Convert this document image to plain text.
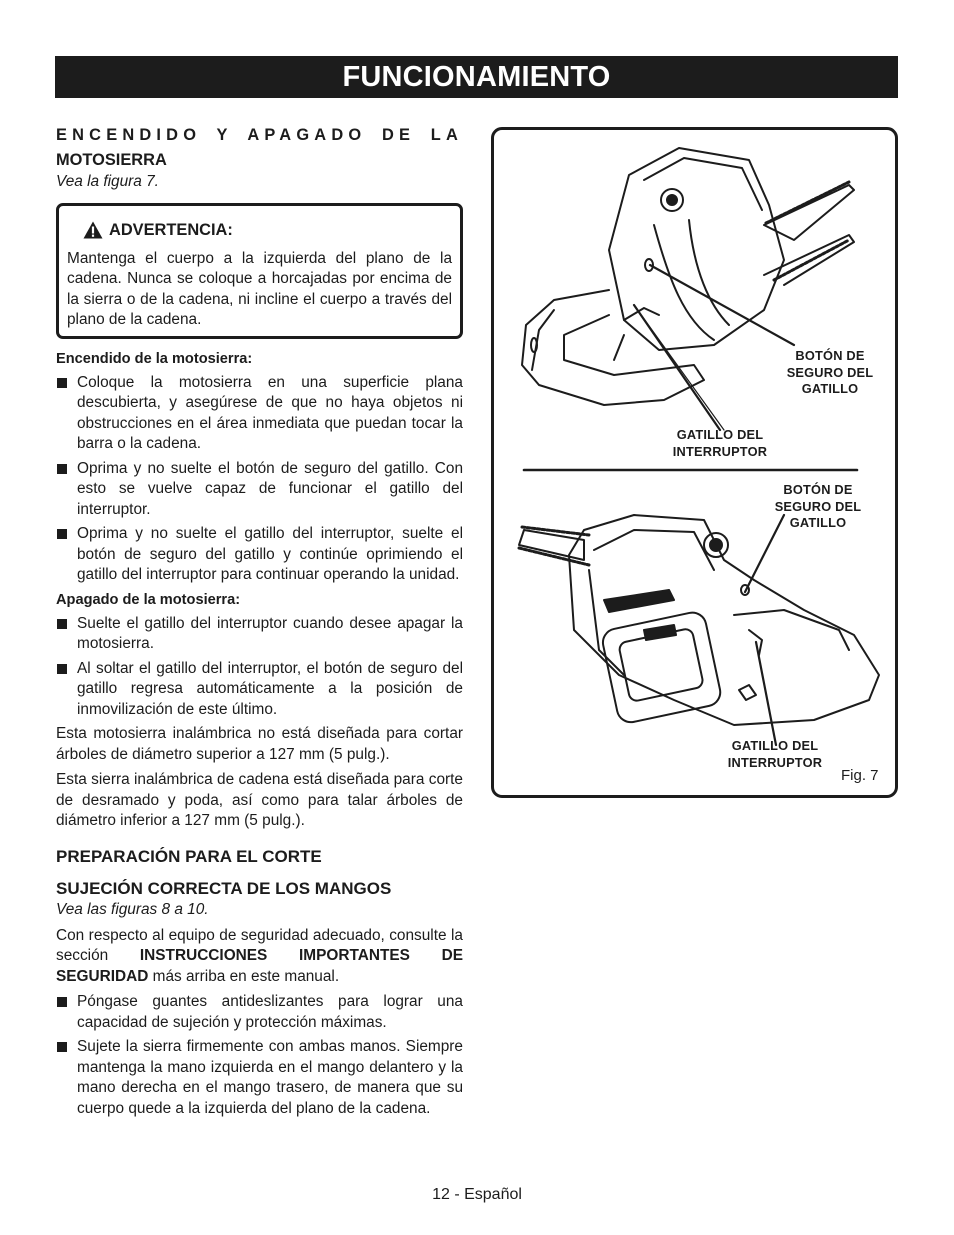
FUNCIONAMIENTO
ENCENDIDO Y APAGADO DE LA
MOTOSIERRA
Vea la figura 7.
ADVERTENCIA:
Mantenga el cuerpo a la izquierda del plano de la cadena. Nunca se coloque a horcajadas por encima de la sierra o de la cadena, ni incline el cuerpo a través del plano de la cadena.
Encendido de la motosierra:
Coloque la motosierra en una superficie plana descubierta, y asegúrese de que no haya objetos ni obstrucciones en el área inmediata que puedan tocar la barra o la cadena.
Oprima y no suelte el botón de seguro del gatillo. Con esto se vuelve capaz de funcionar el gatillo del interruptor.
Oprima y no suelte el gatillo del interruptor, suelte el botón de seguro del gatillo y continúe oprimiendo el gatillo del interruptor para continuar operando la unidad.
Apagado de la motosierra:
Suelte el gatillo del interruptor cuando desee apagar la motosierra.
Al soltar el gatillo del interruptor, el botón de seguro del gatillo regresa automáticamente a la posición de inmovilización de este último.

Esta motosierra inalámbrica no está diseñada para cortar árboles de diámetro superior a 127 mm (5 pulg.).

Esta sierra inalámbrica de cadena está diseñada para corte de desramado y poda, así como para talar árboles de diámetro inferior a 127 mm (5 pulg.).

PREPARACIÓN PARA EL CORTE
SUJECIÓN CORRECTA DE LOS MANGOS
Vea las figuras 8 a 10.

Con respecto al equipo de seguridad adecuado, consulte la sección INSTRUCCIONES IMPORTANTES DE SEGURIDAD más arriba en este manual.

Póngase guantes antideslizantes para lograr una capacidad de sujeción y protección máximas.
Sujete la sierra firmemente con ambas manos. Siempre mantenga la mano izquierda en el mango delantero y la mano derecha en el mango trasero, de manera que su cuerpo quede a la izquierda del plano de la cadena.
BOTÓN DE
SEGURO DEL
GATILLO
GATILLO DEL
INTERRUPTOR
BOTÓN DE
SEGURO DEL
GATILLO
GATILLO DEL
INTERRUPTOR
Fig. 7
12 - Español
